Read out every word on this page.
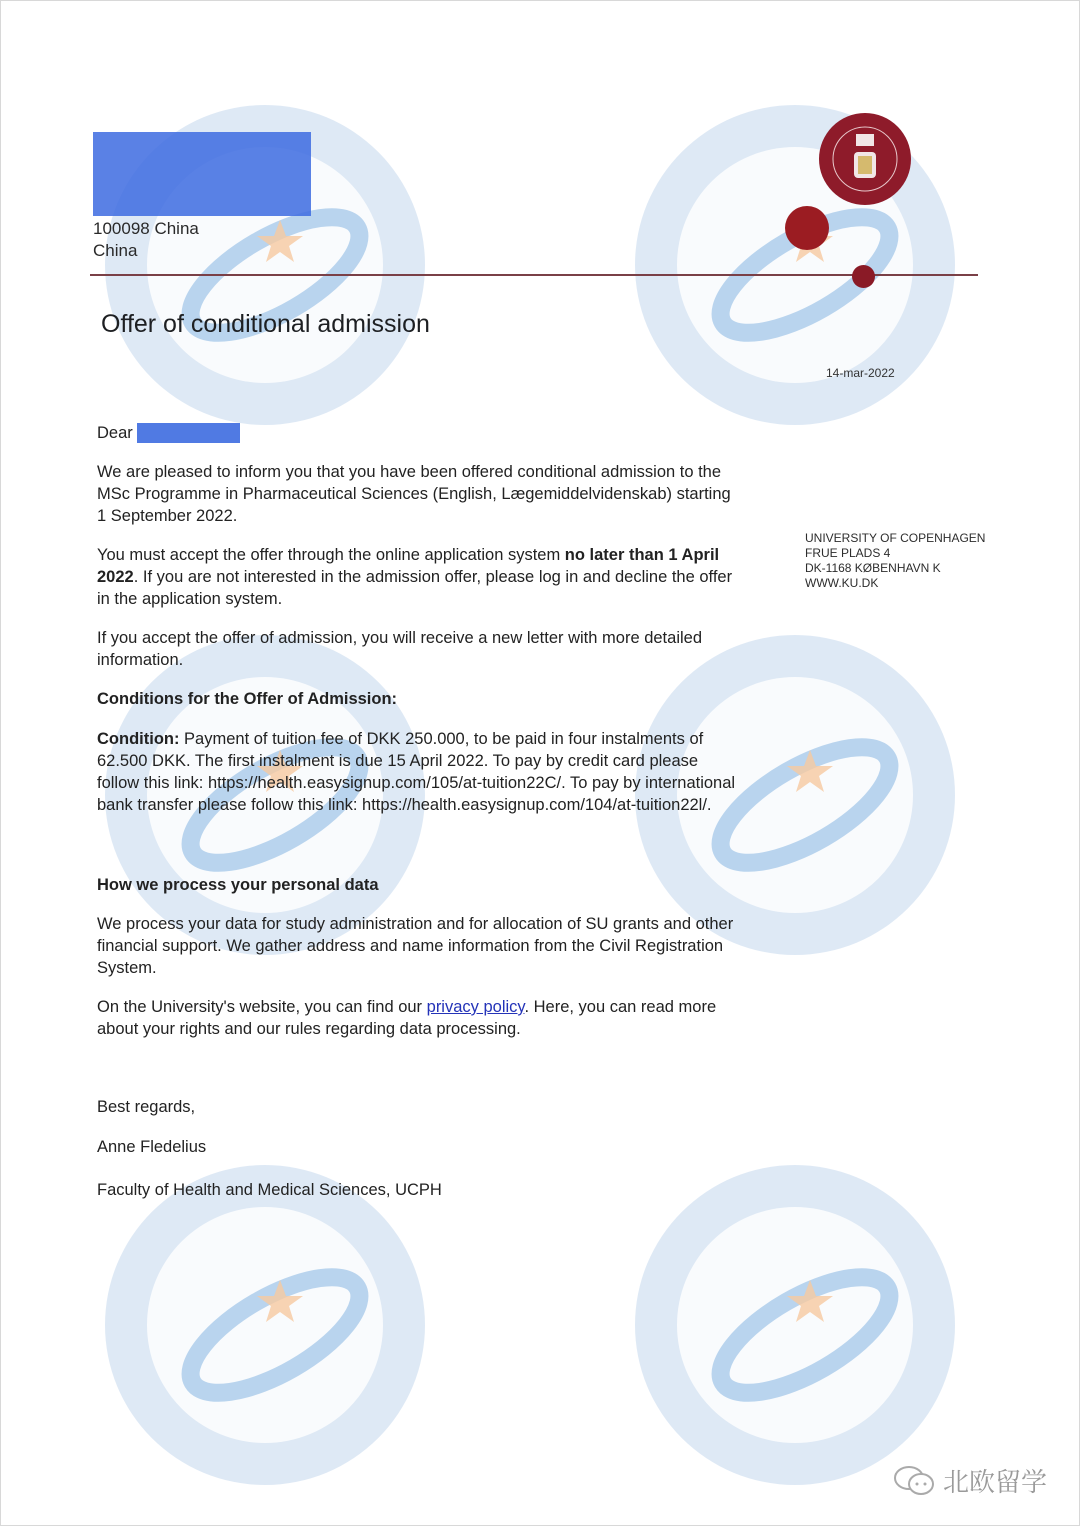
100098 China
China
Offer of conditional admission
14-mar-2022
UNIVERSITY OF COPENHAGEN
FRUE PLADS 4
DK-1168 KØBENHAVN K
WWW.KU.DK

Dear

We are pleased to inform you that you have been offered conditional admission to the MSc Programme in Pharmaceutical Sciences (English, Lægemiddelvidenskab) starting 1 September 2022.

You must accept the offer through the online application system no later than 1 April 2022. If you are not interested in the admission offer, please log in and decline the offer in the application system.

If you accept the offer of admission, you will receive a new letter with more detailed information.

Conditions for the Offer of Admission:

Condition: Payment of tuition fee of DKK 250.000, to be paid in four instalments of 62.500 DKK. The first instalment is due 15 April 2022. To pay by credit card please follow this link: https://health.easysignup.com/105/at-tuition22C/. To pay by international bank transfer please follow this link: https://health.easysignup.com/104/at-tuition22l/.

How we process your personal data

We process your data for study administration and for allocation of SU grants and other financial support. We gather address and name information from the Civil Registration System.

On the University's website, you can find our privacy policy. Here, you can read more about your rights and our rules regarding data processing.

Best regards,

Anne Fledelius

Faculty of Health and Medical Sciences, UCPH

北欧留学
